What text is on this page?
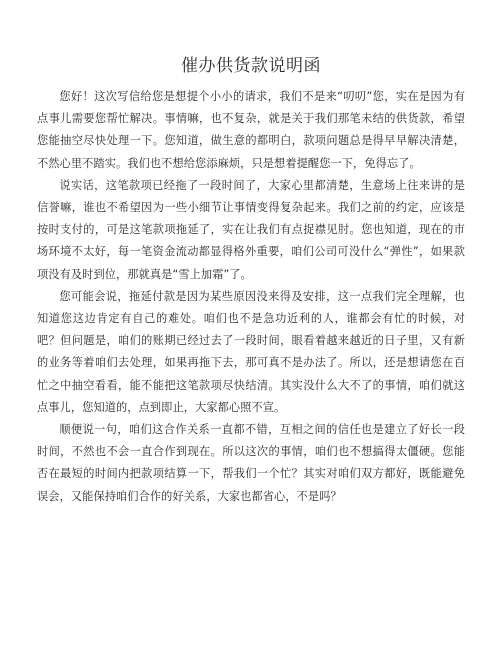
催办供货款说明函

您好！这次写信给您是想提个小小的请求，我们不是来“叨叨”您，实在是因为有点事儿需要您帮忙解决。事情嘛，也不复杂，就是关于我们那笔未结的供货款，希望您能抽空尽快处理一下。您知道，做生意的都明白，款项问题总是得早早解决清楚，不然心里不踏实。我们也不想给您添麻烦，只是想着提醒您一下，免得忘了。

说实话，这笔款项已经拖了一段时间了，大家心里都清楚，生意场上往来讲的是信誉嘛，谁也不希望因为一些小细节让事情变得复杂起来。我们之前的约定，应该是按时支付的，可是这笔款项拖延了，实在让我们有点捉襟见肘。您也知道，现在的市场环境不太好，每一笔资金流动都显得格外重要，咱们公司可没什么“弹性”，如果款项没有及时到位，那就真是“雪上加霜”了。

您可能会说，拖延付款是因为某些原因没来得及安排，这一点我们完全理解，也知道您这边肯定有自己的难处。咱们也不是急功近利的人，谁都会有忙的时候，对吧？但问题是，咱们的账期已经过去了一段时间，眼看着越来越近的日子里，又有新的业务等着咱们去处理，如果再拖下去，那可真不是办法了。所以，还是想请您在百忙之中抽空看看，能不能把这笔款项尽快结清。其实没什么大不了的事情，咱们就这点事儿，您知道的，点到即止，大家都心照不宣。

顺便说一句，咱们这合作关系一直都不错，互相之间的信任也是建立了好长一段时间，不然也不会一直合作到现在。所以这次的事情，咱们也不想搞得太僵硬。您能否在最短的时间内把款项结算一下，帮我们一个忙？其实对咱们双方都好，既能避免误会，又能保持咱们合作的好关系，大家也都省心，不是吗？
